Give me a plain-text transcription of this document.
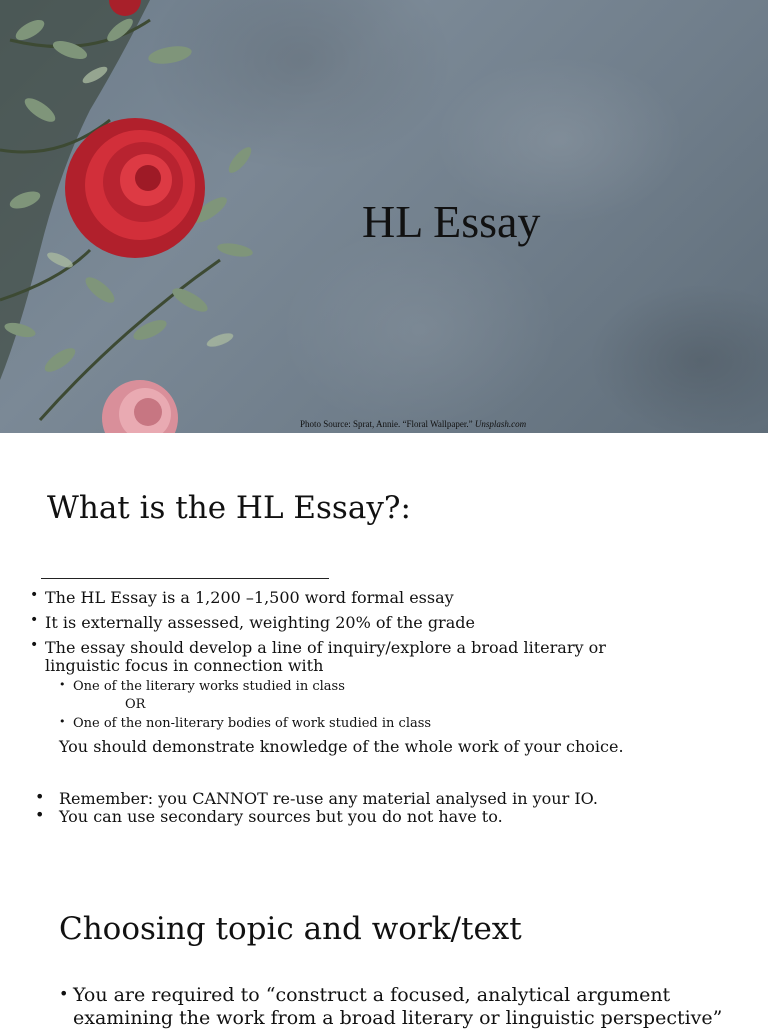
HL Essay
Photo Source: Sprat, Annie. “Floral Wallpaper.” Unsplash.com
What is the HL Essay?:
• The HL Essay is a 1,200 –1,500 word formal essay
• It is externally assessed, weighting 20% of the grade
• The essay should develop a line of inquiry/explore a broad literary or
linguistic focus in connection with
• One of the literary works studied in class
OR
• One of the non-literary bodies of work studied in class
You should demonstrate knowledge of the whole work of your choice.
• Remember: you CANNOT re-use any material analysed in your IO.
• You can use secondary sources but you do not have to.
Choosing topic and work/text
• You are required to “construct a focused, analytical argument
examining the work from a broad literary or linguistic perspective”
